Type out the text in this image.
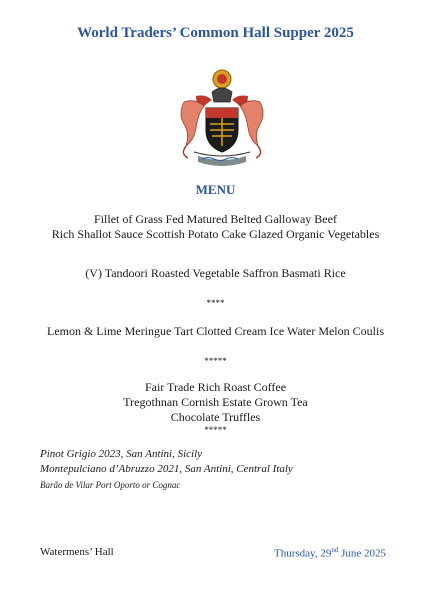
World Traders’ Common Hall Supper 2025
MENU
Fillet of Grass Fed Matured Belted Galloway Beef
Rich Shallot Sauce Scottish Potato Cake Glazed Organic Vegetables
(V) Tandoori Roasted Vegetable Saffron Basmati Rice
****
Lemon & Lime Meringue Tart Clotted Cream Ice Water Melon Coulis
*****
Fair Trade Rich Roast Coffee
Tregothnan Cornish Estate Grown Tea
Chocolate Truffles
*****
Pinot Grigio 2023, San Antini, Sicily
Montepulciano d’Abruzzo 2021, San Antini, Central Italy
Barão de Vilar Port Oporto or Cognac
Watermens’ Hall	Thursday, 29nd June 2025
